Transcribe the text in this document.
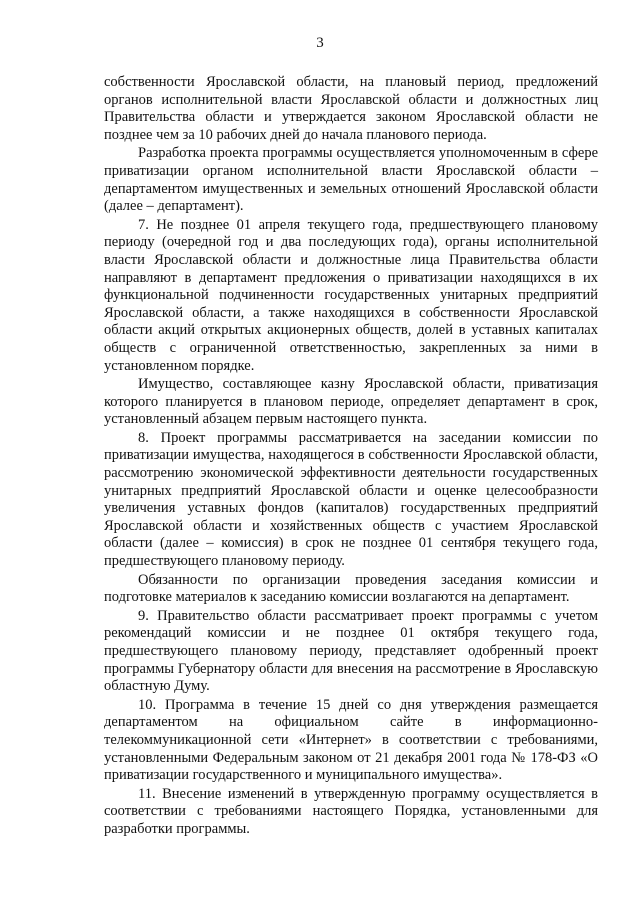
3

собственности Ярославской области, на плановый период, предложений органов исполнительной власти Ярославской области и должностных лиц Правительства области и утверждается законом Ярославской области не позднее чем за 10 рабочих дней до начала планового периода.

Разработка проекта программы осуществляется уполномоченным в сфере приватизации органом исполнительной власти Ярославской области – департаментом имущественных и земельных отношений Ярославской области (далее – департамент).

7. Не позднее 01 апреля текущего года, предшествующего плановому периоду (очередной год и два последующих года), органы исполнительной власти Ярославской области и должностные лица Правительства области направляют в департамент предложения о приватизации находящихся в их функциональной подчиненности государственных унитарных предприятий Ярославской области, а также находящихся в собственности Ярославской области акций открытых акционерных обществ, долей в уставных капиталах обществ с ограниченной ответственностью, закрепленных за ними в установленном порядке.

Имущество, составляющее казну Ярославской области, приватизация которого планируется в плановом периоде, определяет департамент в срок, установленный абзацем первым настоящего пункта.

8. Проект программы рассматривается на заседании комиссии по приватизации имущества, находящегося в собственности Ярославской области, рассмотрению экономической эффективности деятельности государственных унитарных предприятий Ярославской области и оценке целесообразности увеличения уставных фондов (капиталов) государственных предприятий Ярославской области и хозяйственных обществ с участием Ярославской области (далее – комиссия) в срок не позднее 01 сентября текущего года, предшествующего плановому периоду.

Обязанности по организации проведения заседания комиссии и подготовке материалов к заседанию комиссии возлагаются на департамент.

9. Правительство области рассматривает проект программы с учетом рекомендаций комиссии и не позднее 01 октября текущего года, предшествующего плановому периоду, представляет одобренный проект программы Губернатору области для внесения на рассмотрение в Ярославскую областную Думу.

10. Программа в течение 15 дней со дня утверждения размещается департаментом на официальном сайте в информационно-телекоммуникационной сети «Интернет» в соответствии с требованиями, установленными Федеральным законом от 21 декабря 2001 года № 178-ФЗ «О приватизации государственного и муниципального имущества».

11. Внесение изменений в утвержденную программу осуществляется в соответствии с требованиями настоящего Порядка, установленными для разработки программы.
